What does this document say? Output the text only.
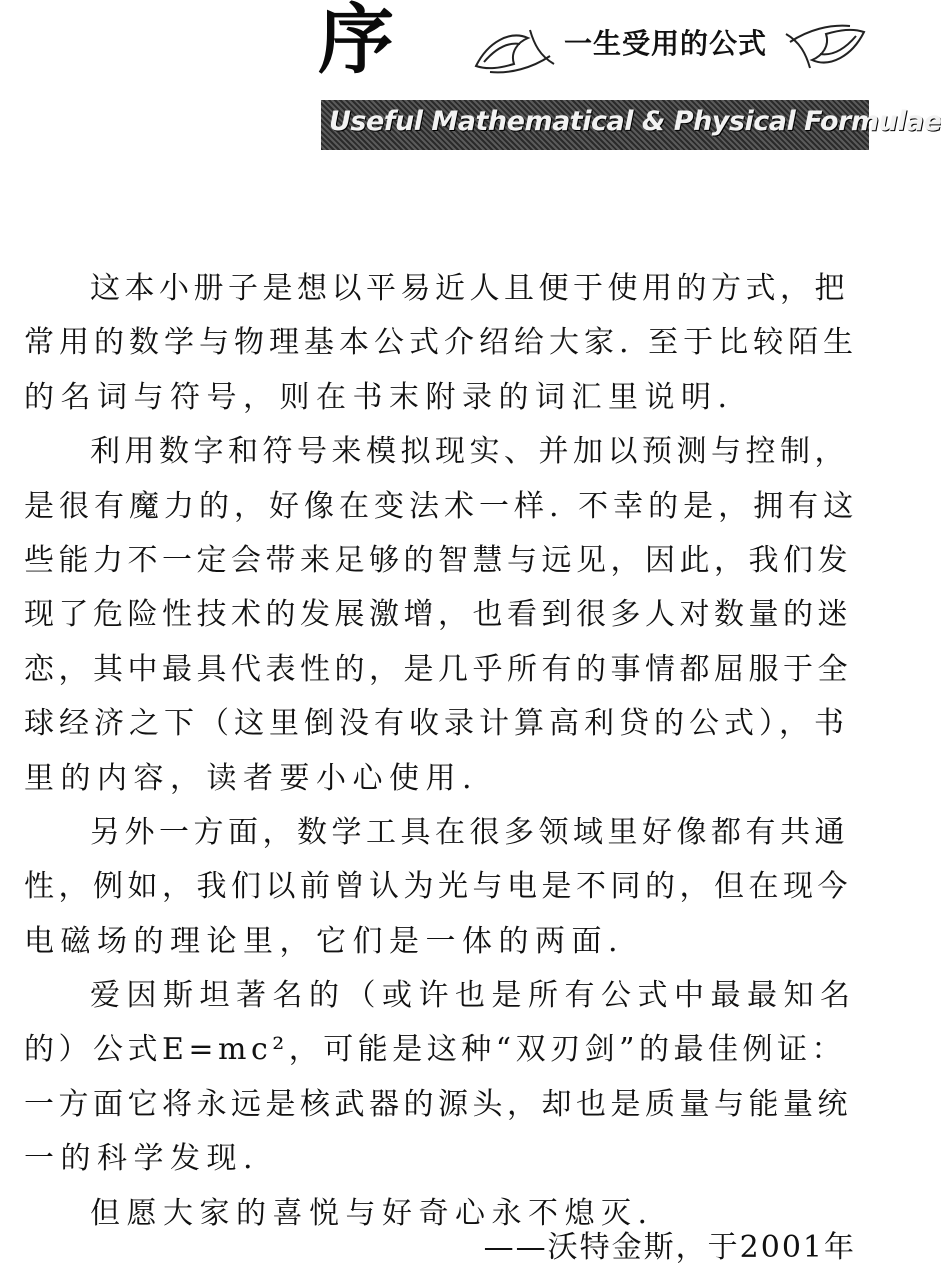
序	一生受用的公式
Useful Mathematical & Physical Formulae
这本小册子是想以平易近人且便于使用的方式，把
常用的数学与物理基本公式介绍给大家. 至于比较陌生
的名词与符号，则在书末附录的词汇里说明.
利用数字和符号来模拟现实、并加以预测与控制，
是很有魔力的，好像在变法术一样. 不幸的是，拥有这
些能力不一定会带来足够的智慧与远见，因此，我们发
现了危险性技术的发展激增，也看到很多人对数量的迷
恋，其中最具代表性的，是几乎所有的事情都屈服于全
球经济之下（这里倒没有收录计算高利贷的公式），书
里的内容，读者要小心使用.
另外一方面，数学工具在很多领域里好像都有共通
性，例如，我们以前曾认为光与电是不同的，但在现今
电磁场的理论里，它们是一体的两面.
爱因斯坦著名的（或许也是所有公式中最最知名
的）公式E=mc²，可能是这种“双刃剑”的最佳例证：
一方面它将永远是核武器的源头，却也是质量与能量统
一的科学发现.
但愿大家的喜悦与好奇心永不熄灭.
——沃特金斯，于2001年
